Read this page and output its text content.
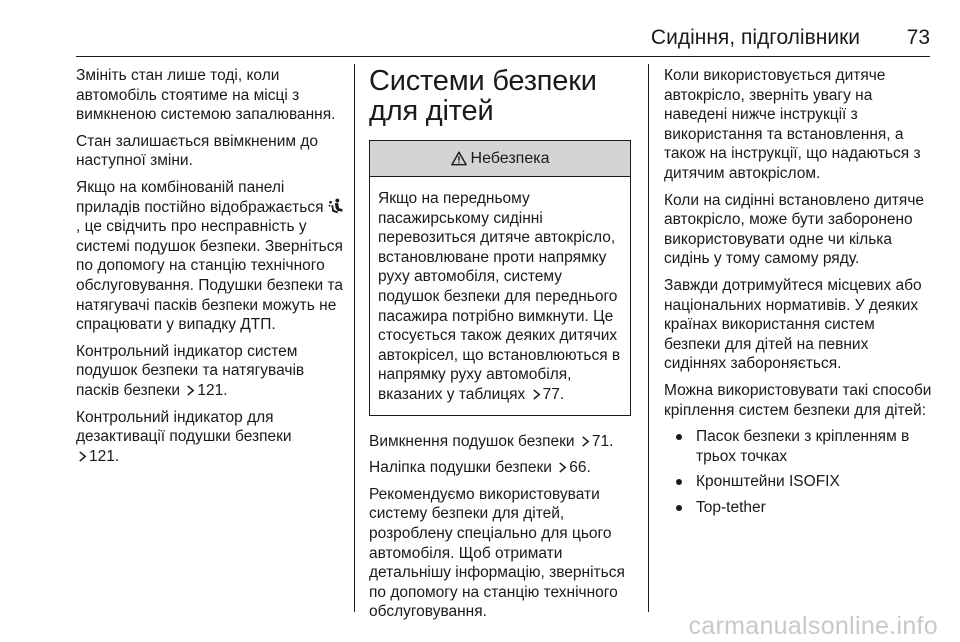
Сидіння, підголівники	73

Змініть стан лише тоді, коли автомобіль стоятиме на місці з вимкненою системою запалювання.

Стан залишається ввімкненим до наступної зміни.

Якщо на комбінованій панелі приладів постійно відображається , це свідчить про несправність у системі подушок безпеки. Зверніться по допомогу на станцію технічного обслуговування. Подушки безпеки та натягувачі пасків безпеки можуть не спрацювати у випадку ДТП.

Контрольний індикатор систем подушок безпеки та натягувачів пасків безпеки 121.

Контрольний індикатор для дезактивації подушки безпеки
121.

Системи безпеки для дітей
Небезпека
Якщо на передньому пасажирському сидінні перевозиться дитяче автокрісло, встановлюване проти напрямку руху автомобіля, систему подушок безпеки для переднього пасажира потрібно вимкнути. Це стосується також деяких дитячих автокрісел, що встановлюються в напрямку руху автомобіля, вказаних у таблицях 77.

Вимкнення подушок безпеки 71.

Наліпка подушки безпеки 66.

Рекомендуємо використовувати систему безпеки для дітей, розроблену спеціально для цього автомобіля. Щоб отримати детальнішу інформацію, зверніться по допомогу на станцію технічного обслуговування.

Коли використовується дитяче автокрісло, зверніть увагу на наведені нижче інструкції з використання та встановлення, а також на інструкції, що надаються з дитячим автокріслом.

Коли на сидінні встановлено дитяче автокрісло, може бути заборонено використовувати одне чи кілька сидінь у тому самому ряду.

Завжди дотримуйтеся місцевих або національних нормативів. У деяких країнах використання систем безпеки для дітей на певних сидіннях забороняється.

Можна використовувати такі способи кріплення систем безпеки для дітей:

Пасок безпеки з кріпленням в трьох точках
Кронштейни ISOFIX
Top-tether
carmanualsonline.info
